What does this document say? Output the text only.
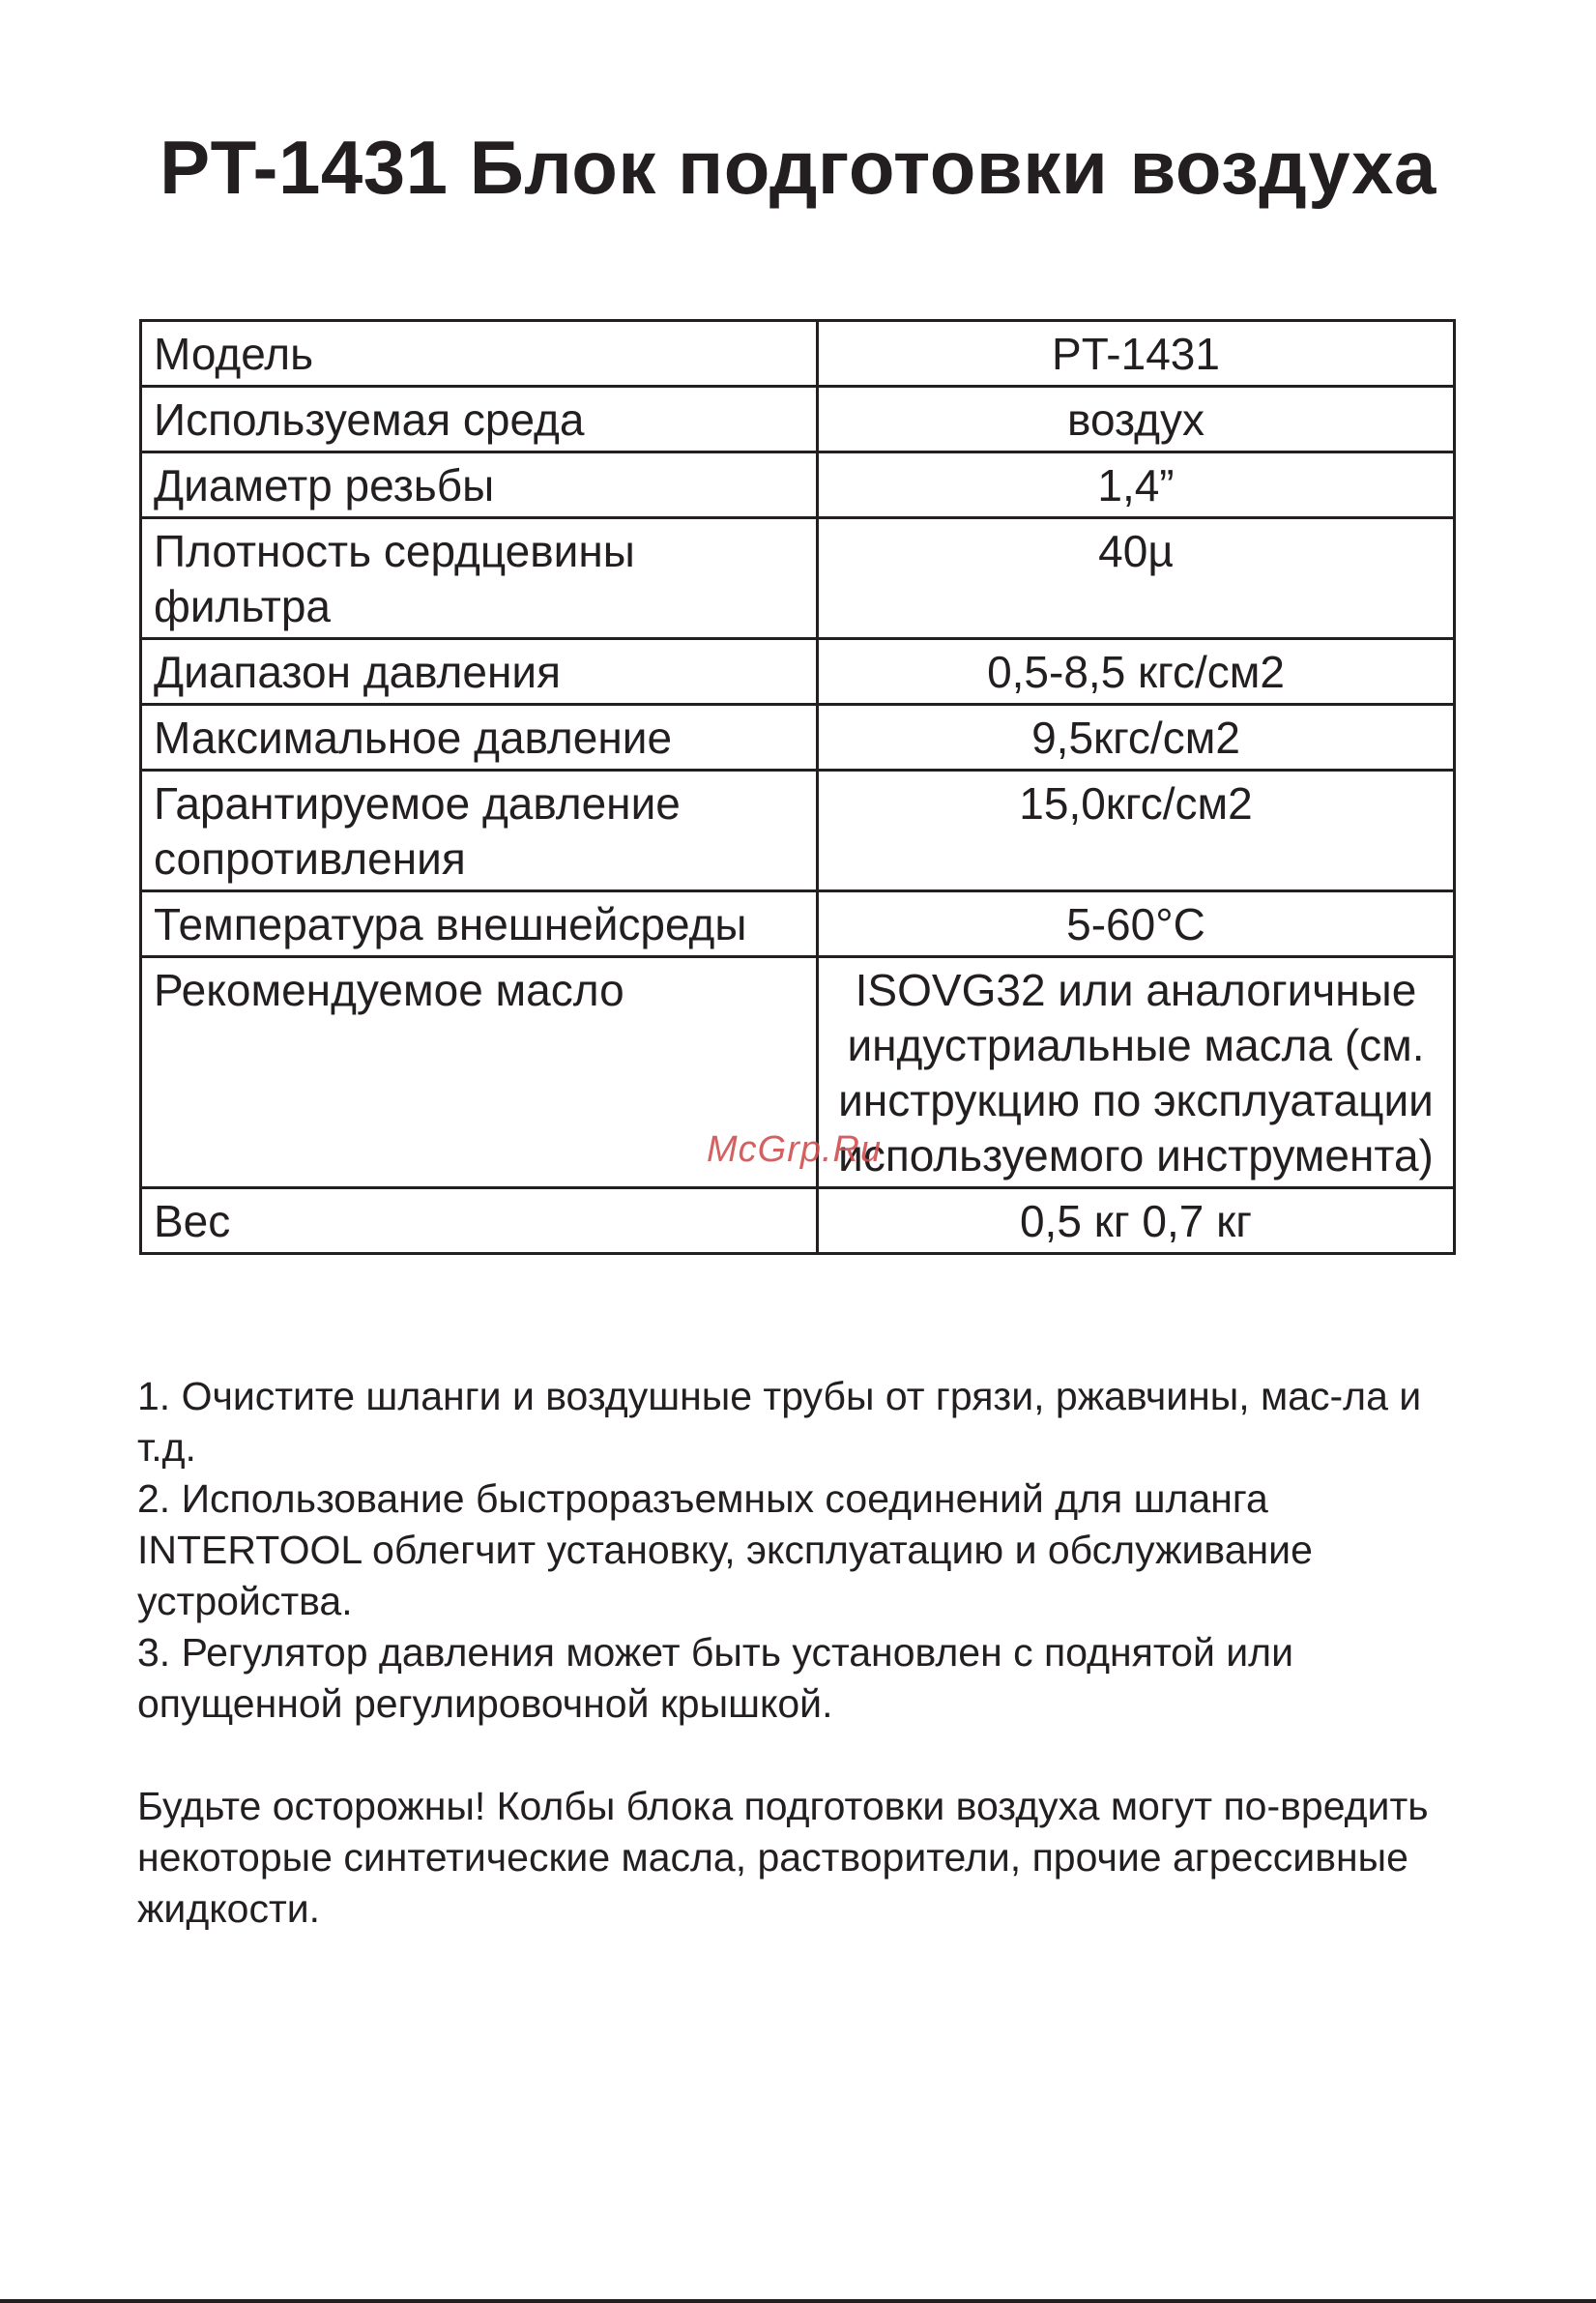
PT-1431 Блок подготовки воздуха
Модель	PT-1431
Используемая среда	воздух
Диаметр резьбы	1,4”
Плотность сердцевины фильтра	40µ
Диапазон давления	0,5-8,5 кгс/см2
Максимальное давление	9,5кгс/см2
Гарантируемое давление сопротивления	15,0кгс/см2
Температура внешнейсреды	5-60°С
Рекомендуемое масло	ISOVG32 или аналогичные индустриальные масла (см. инструкцию по эксплуатации используемого инструмента)
Вес	0,5 кг 0,7 кг
McGrp.Ru

1. Очистите шланги и воздушные трубы от грязи, ржавчины, мас-ла и т.д.

2. Использование быстроразъемных соединений для шланга INTERTOOL облегчит установку, эксплуатацию и обслуживание устройства.

3. Регулятор давления может быть установлен с поднятой или опущенной регулировочной крышкой.

Будьте осторожны! Колбы блока подготовки воздуха могут по-вредить некоторые синтетические масла, растворители, прочие агрессивные жидкости.
